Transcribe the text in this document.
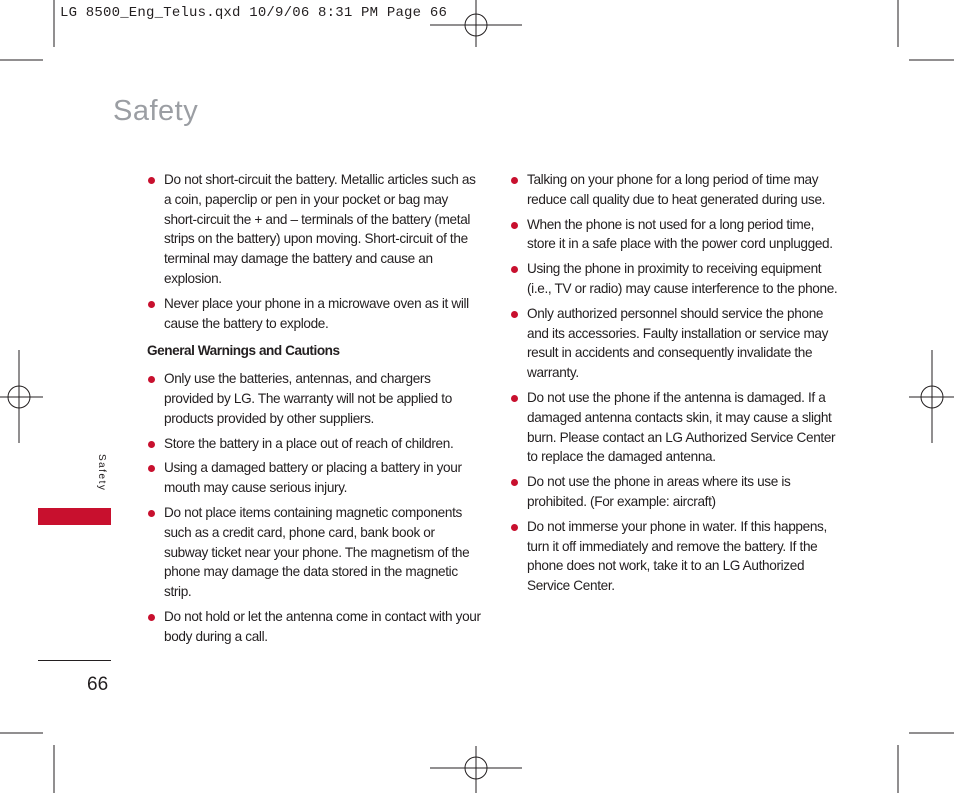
LG 8500_Eng_Telus.qxd 10/9/06 8:31 PM Page 66
Safety
Safety
66
Do not short-circuit the battery. Metallic articles such as a coin, paperclip or pen in your pocket or bag may short-circuit the + and – terminals of the battery (metal strips on the battery) upon moving. Short-circuit of the terminal may damage the battery and cause an explosion.
Never place your phone in a microwave oven as it will cause the battery to explode.
General Warnings and Cautions
Only use the batteries, antennas, and chargers provided by LG. The warranty will not be applied to products provided by other suppliers.
Store the battery in a place out of reach of children.
Using a damaged battery or placing a battery in your mouth may cause serious injury.
Do not place items containing magnetic components such as a credit card, phone card, bank book or subway ticket near your phone. The magnetism of the phone may damage the data stored in the magnetic strip.
Do not hold or let the antenna come in contact with your body during a call.
Talking on your phone for a long period of time may reduce call quality due to heat generated during use.
When the phone is not used for a long period time, store it in a safe place with the power cord unplugged.
Using the phone in proximity to receiving equipment (i.e., TV or radio) may cause interference to the phone.
Only authorized personnel should service the phone and its accessories. Faulty installation or service may result in accidents and consequently invalidate the warranty.
Do not use the phone if the antenna is damaged. If a damaged antenna contacts skin, it may cause a slight burn. Please contact an LG Authorized Service Center to replace the damaged antenna.
Do not use the phone in areas where its use is prohibited. (For example: aircraft)
Do not immerse your phone in water. If this happens, turn it off immediately and remove the battery. If the phone does not work, take it to an LG Authorized Service Center.
